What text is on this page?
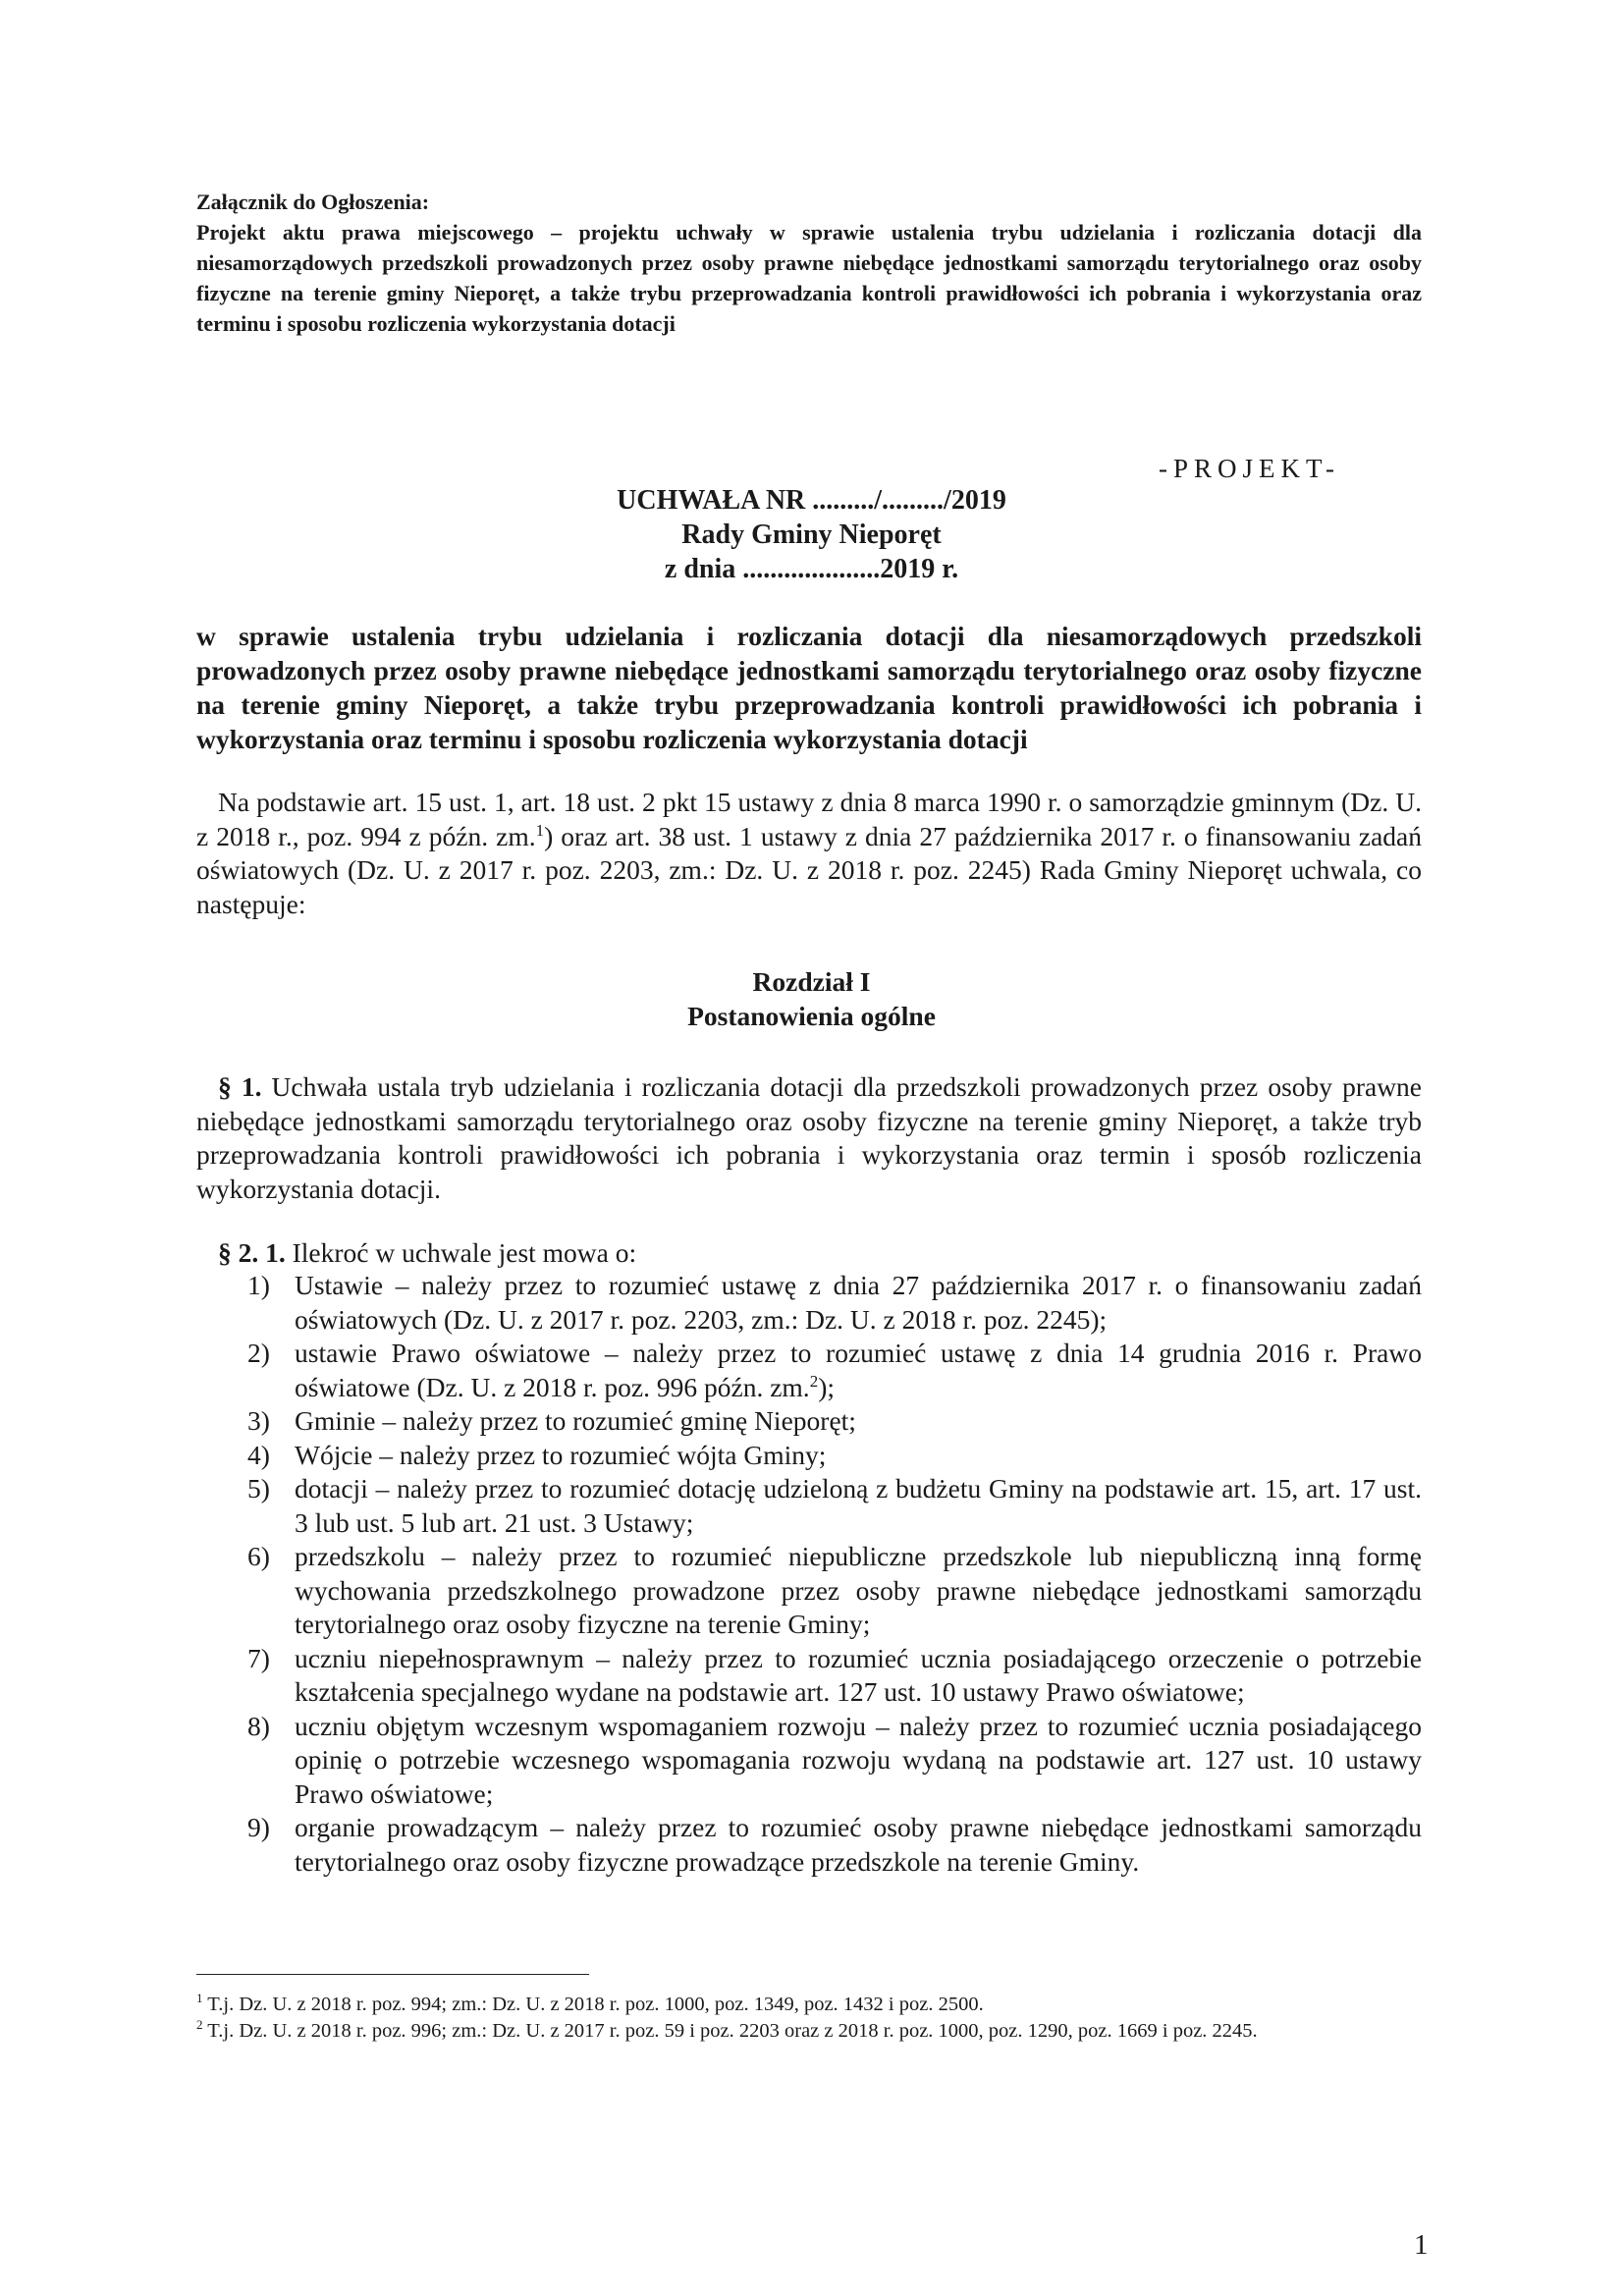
Załącznik do Ogłoszenia:
Projekt aktu prawa miejscowego – projektu uchwały w sprawie ustalenia trybu udzielania i rozliczania dotacji dla niesamorządowych przedszkoli prowadzonych przez osoby prawne niebędące jednostkami samorządu terytorialnego oraz osoby fizyczne na terenie gminy Nieporęt, a także trybu przeprowadzania kontroli prawidłowości ich pobrania i wykorzystania oraz terminu i sposobu rozliczenia wykorzystania dotacji
-PROJEKT-
UCHWAŁA NR ........./........./2019
Rady Gminy Nieporęt
z dnia ....................2019 r.
w sprawie ustalenia trybu udzielania i rozliczania dotacji dla niesamorządowych przedszkoli prowadzonych przez osoby prawne niebędące jednostkami samorządu terytorialnego oraz osoby fizyczne na terenie gminy Nieporęt, a także trybu przeprowadzania kontroli prawidłowości ich pobrania i wykorzystania oraz terminu i sposobu rozliczenia wykorzystania dotacji
Na podstawie art. 15 ust. 1, art. 18 ust. 2 pkt 15 ustawy z dnia 8 marca 1990 r. o samorządzie gminnym (Dz. U. z 2018 r., poz. 994 z późn. zm.$^1$) oraz art. 38 ust. 1 ustawy z dnia 27 października 2017 r. o finansowaniu zadań oświatowych (Dz. U. z 2017 r. poz. 2203, zm.: Dz. U. z 2018 r. poz. 2245) Rada Gminy Nieporęt uchwala, co następuje:
Rozdział I
Postanowienia ogólne
§ 1. Uchwała ustala tryb udzielania i rozliczania dotacji dla przedszkoli prowadzonych przez osoby prawne niebędące jednostkami samorządu terytorialnego oraz osoby fizyczne na terenie gminy Nieporęt, a także tryb przeprowadzania kontroli prawidłowości ich pobrania i wykorzystania oraz termin i sposób rozliczenia wykorzystania dotacji.
§ 2. 1. Ilekroć w uchwale jest mowa o:
1) Ustawie – należy przez to rozumieć ustawę z dnia 27 października 2017 r. o finansowaniu zadań oświatowych (Dz. U. z 2017 r. poz. 2203, zm.: Dz. U. z 2018 r. poz. 2245);
2) ustawie Prawo oświatowe – należy przez to rozumieć ustawę z dnia 14 grudnia 2016 r. Prawo oświatowe (Dz. U. z 2018 r. poz. 996 późn. zm.$^2$);
3) Gminie – należy przez to rozumieć gminę Nieporęt;
4) Wójcie – należy przez to rozumieć wójta Gminy;
5) dotacji – należy przez to rozumieć dotację udzieloną z budżetu Gminy na podstawie art. 15, art. 17 ust. 3 lub ust. 5 lub art. 21 ust. 3 Ustawy;
6) przedszkolu – należy przez to rozumieć niepubliczne przedszkole lub niepubliczną inną formę wychowania przedszkolnego prowadzone przez osoby prawne niebędące jednostkami samorządu terytorialnego oraz osoby fizyczne na terenie Gminy;
7) uczniu niepełnosprawnym – należy przez to rozumieć ucznia posiadającego orzeczenie o potrzebie kształcenia specjalnego wydane na podstawie art. 127 ust. 10 ustawy Prawo oświatowe;
8) uczniu objętym wczesnym wspomaganiem rozwoju – należy przez to rozumieć ucznia posiadającego opinię o potrzebie wczesnego wspomagania rozwoju wydaną na podstawie art. 127 ust. 10 ustawy Prawo oświatowe;
9) organie prowadzącym – należy przez to rozumieć osoby prawne niebędące jednostkami samorządu terytorialnego oraz osoby fizyczne prowadzące przedszkole na terenie Gminy.
$^1$ T.j. Dz. U. z 2018 r. poz. 994; zm.: Dz. U. z 2018 r. poz. 1000, poz. 1349, poz. 1432 i poz. 2500.
$^2$ T.j. Dz. U. z 2018 r. poz. 996; zm.: Dz. U. z 2017 r. poz. 59 i poz. 2203 oraz z 2018 r. poz. 1000, poz. 1290, poz. 1669 i poz. 2245.
1
